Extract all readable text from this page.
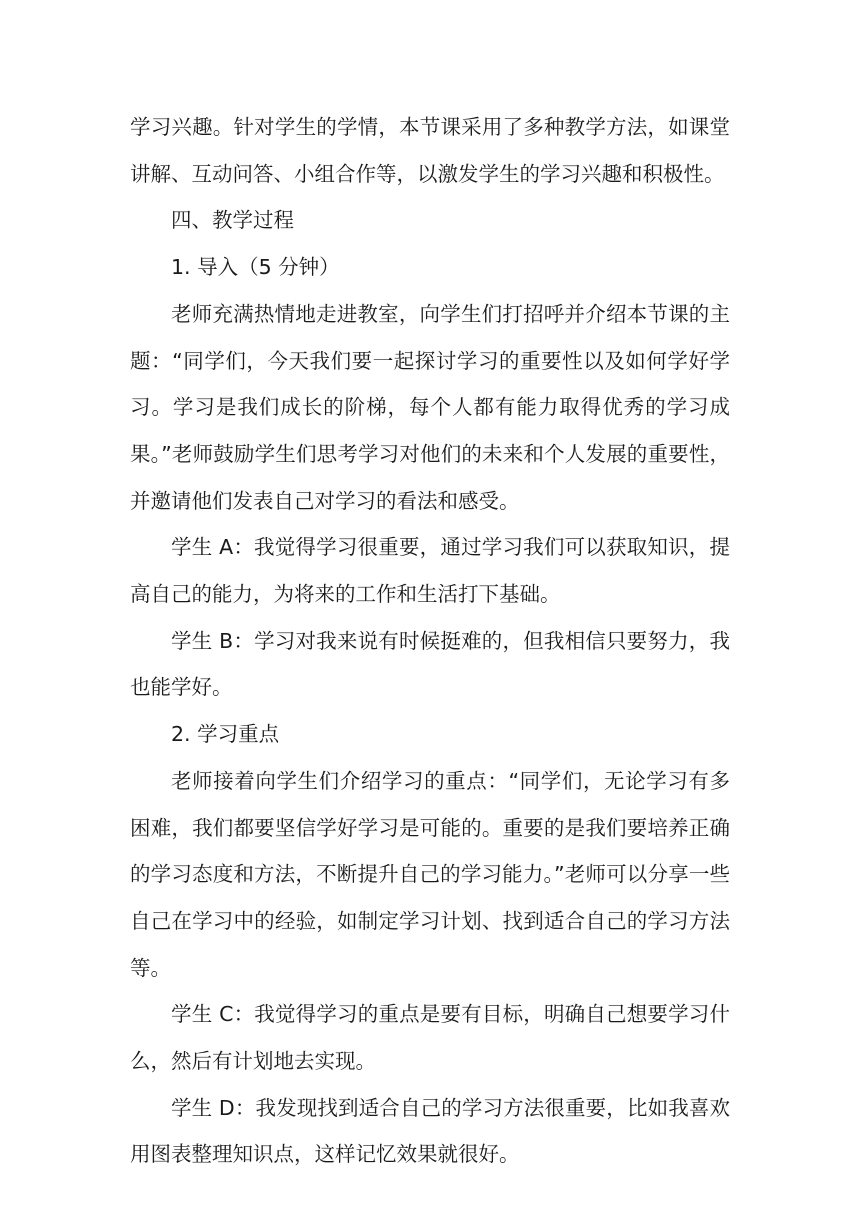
学习兴趣。针对学生的学情，本节课采用了多种教学方法，如课堂讲解、互动问答、小组合作等，以激发学生的学习兴趣和积极性。

四、教学过程

1. 导入（5 分钟）

老师充满热情地走进教室，向学生们打招呼并介绍本节课的主题：“同学们，今天我们要一起探讨学习的重要性以及如何学好学习。学习是我们成长的阶梯，每个人都有能力取得优秀的学习成果。”老师鼓励学生们思考学习对他们的未来和个人发展的重要性，并邀请他们发表自己对学习的看法和感受。

学生 A：我觉得学习很重要，通过学习我们可以获取知识，提高自己的能力，为将来的工作和生活打下基础。

学生 B：学习对我来说有时候挺难的，但我相信只要努力，我也能学好。

2. 学习重点

老师接着向学生们介绍学习的重点：“同学们，无论学习有多困难，我们都要坚信学好学习是可能的。重要的是我们要培养正确的学习态度和方法，不断提升自己的学习能力。”老师可以分享一些自己在学习中的经验，如制定学习计划、找到适合自己的学习方法等。

学生 C：我觉得学习的重点是要有目标，明确自己想要学习什么，然后有计划地去实现。

学生 D：我发现找到适合自己的学习方法很重要，比如我喜欢用图表整理知识点，这样记忆效果就很好。
